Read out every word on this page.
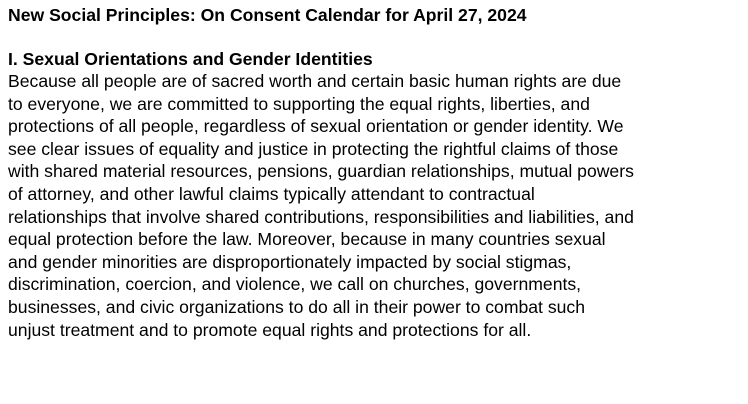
New Social Principles: On Consent Calendar for April 27, 2024
I. Sexual Orientations and Gender Identities

Because all people are of sacred worth and certain basic human rights are due
to everyone, we are committed to supporting the equal rights, liberties, and
protections of all people, regardless of sexual orientation or gender identity. We
see clear issues of equality and justice in protecting the rightful claims of those
with shared material resources, pensions, guardian relationships, mutual powers
of attorney, and other lawful claims typically attendant to contractual
relationships that involve shared contributions, responsibilities and liabilities, and
equal protection before the law. Moreover, because in many countries sexual
and gender minorities are disproportionately impacted by social stigmas,
discrimination, coercion, and violence, we call on churches, governments,
businesses, and civic organizations to do all in their power to combat such
unjust treatment and to promote equal rights and protections for all.
